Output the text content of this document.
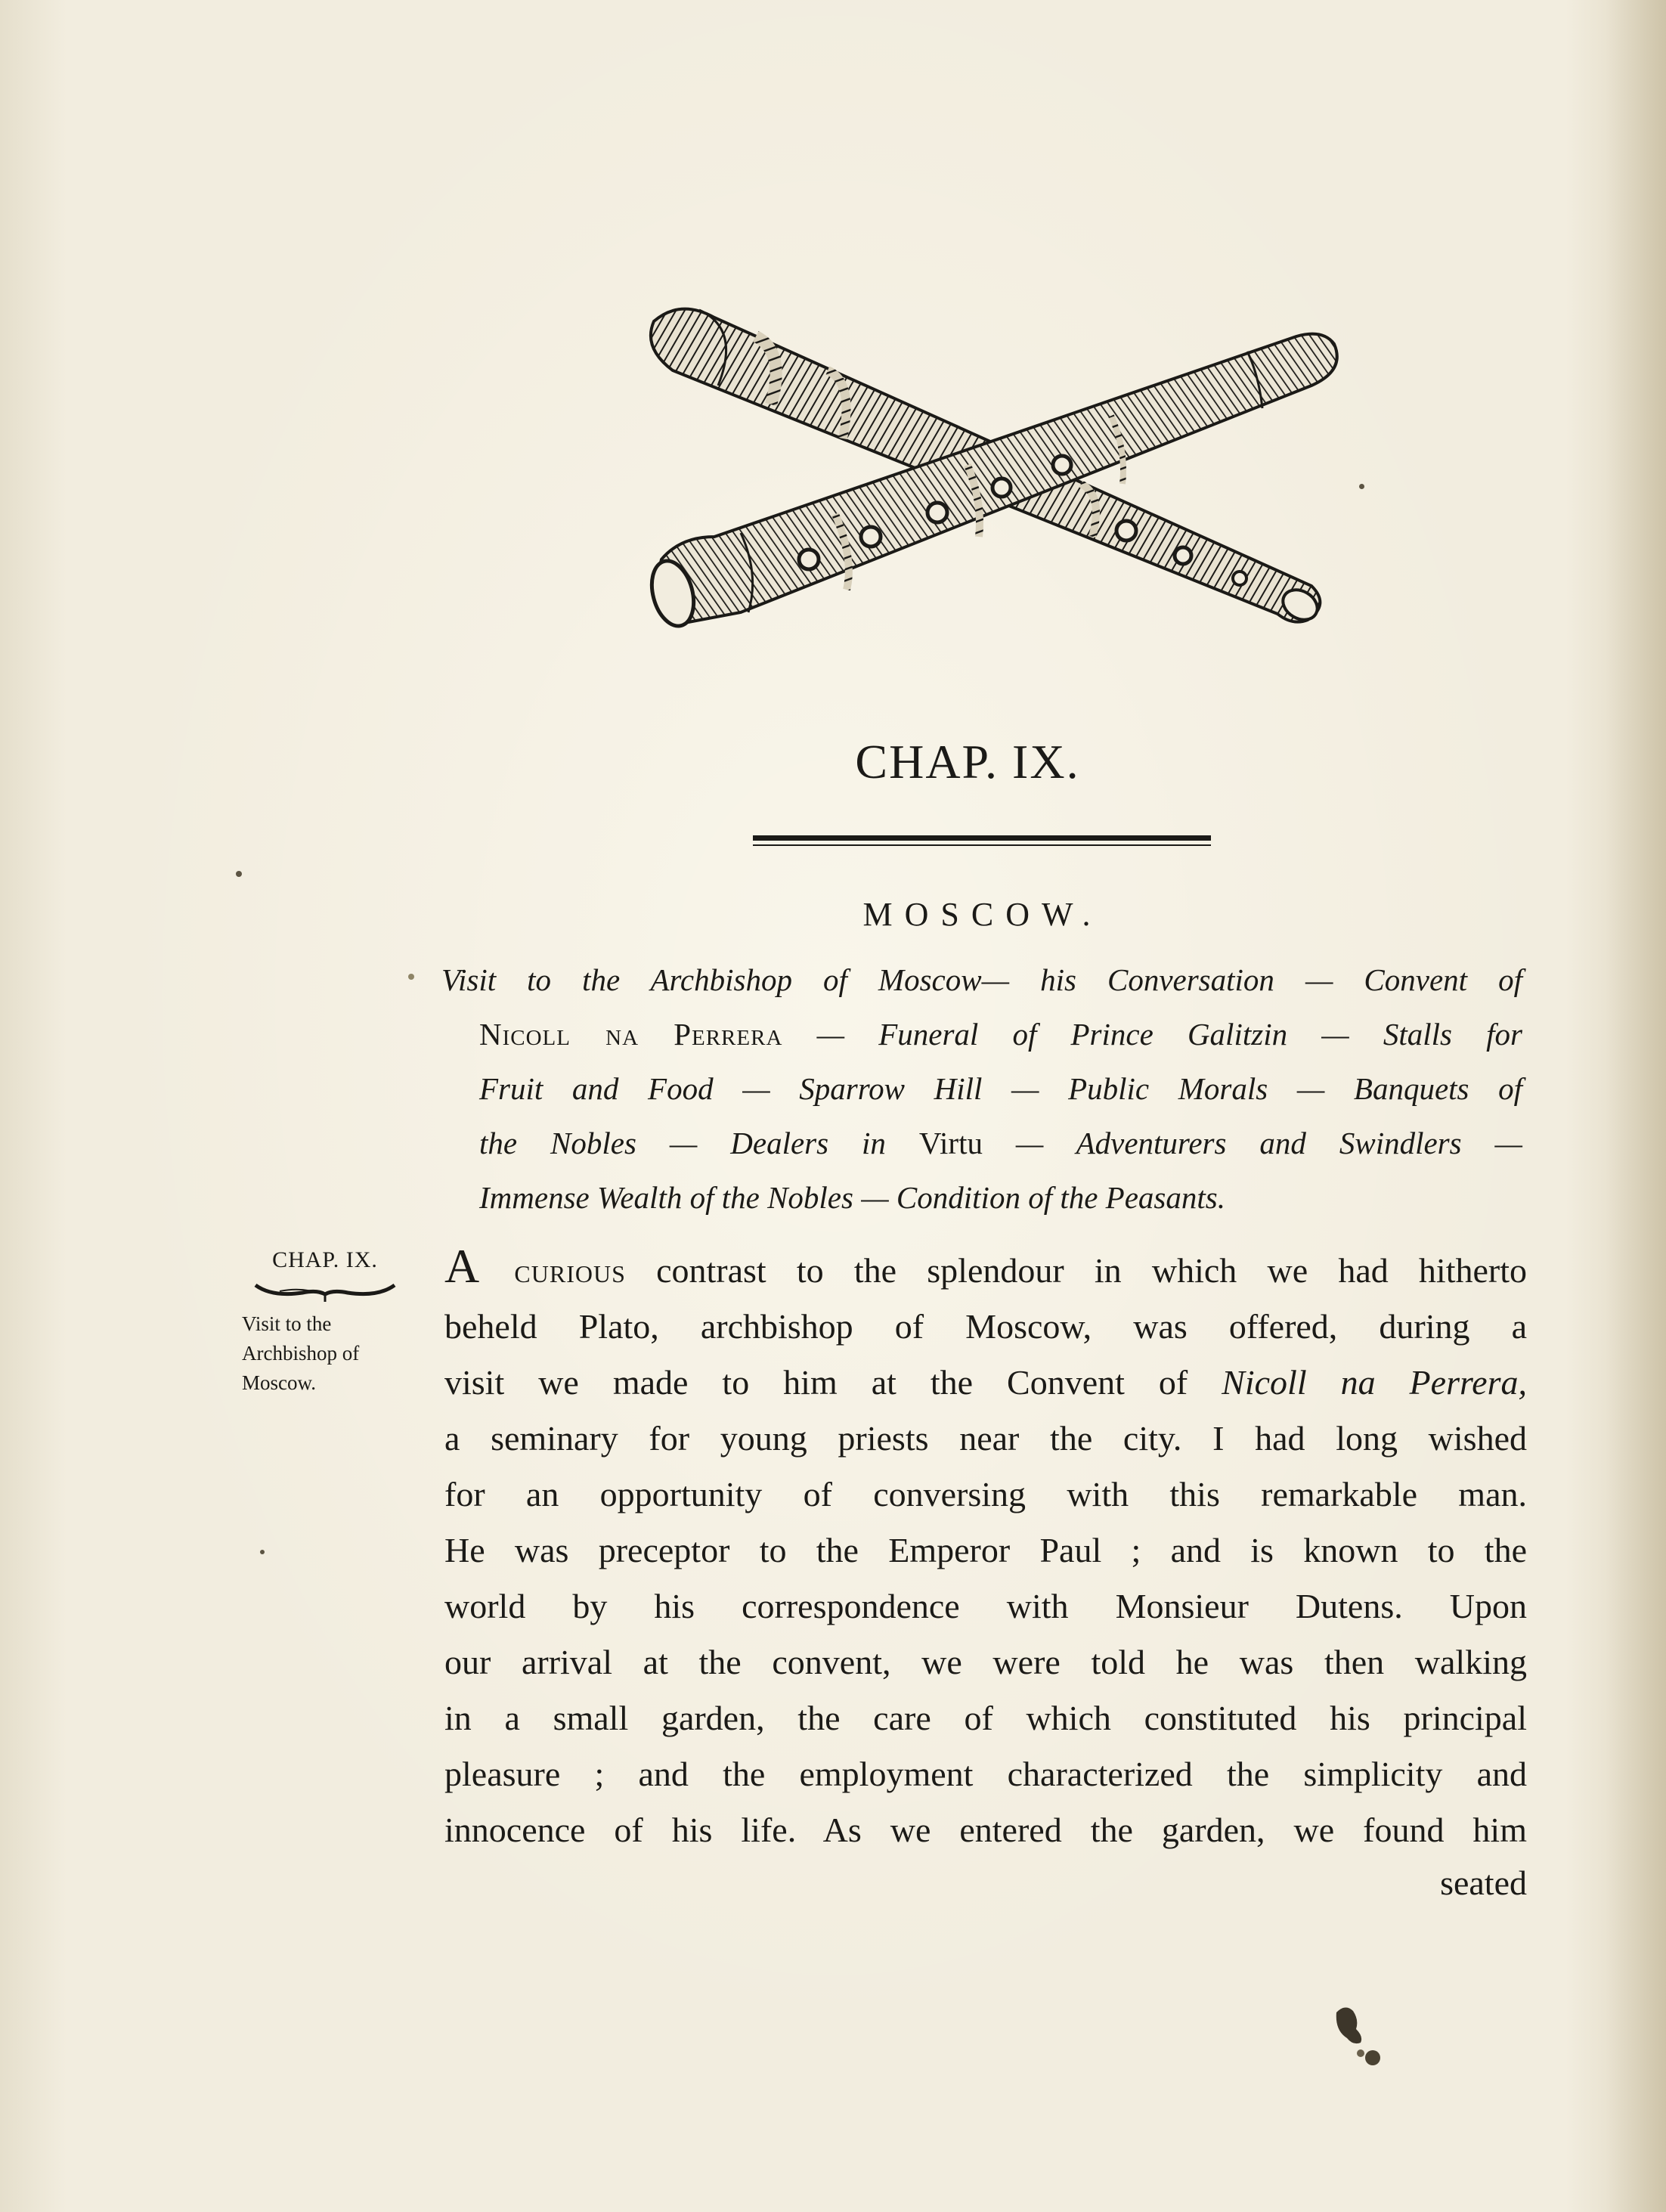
CHAP. IX.
MOSCOW.
Visit to the Archbishop of Moscow— his Conversation — Convent of
Nicoll na Perrera — Funeral of Prince Galitzin — Stalls for
Fruit and Food — Sparrow Hill — Public Morals — Banquets of
the Nobles — Dealers in Virtu — Adventurers and Swindlers —
Immense Wealth of the Nobles — Condition of the Peasants.
CHAP. IX.
Visit to the
Archbishop of
Moscow.
A curious contrast to the splendour in which we had hitherto
beheld Plato, archbishop of Moscow, was offered, during a
visit we made to him at the Convent of Nicoll na Perrera,
a seminary for young priests near the city. I had long wished
for an opportunity of conversing with this remarkable man.
He was preceptor to the Emperor Paul ; and is known to the
world by his correspondence with Monsieur Dutens. Upon
our arrival at the convent, we were told he was then walking
in a small garden, the care of which constituted his principal
pleasure ; and the employment characterized the simplicity and
innocence of his life. As we entered the garden, we found him
seated
